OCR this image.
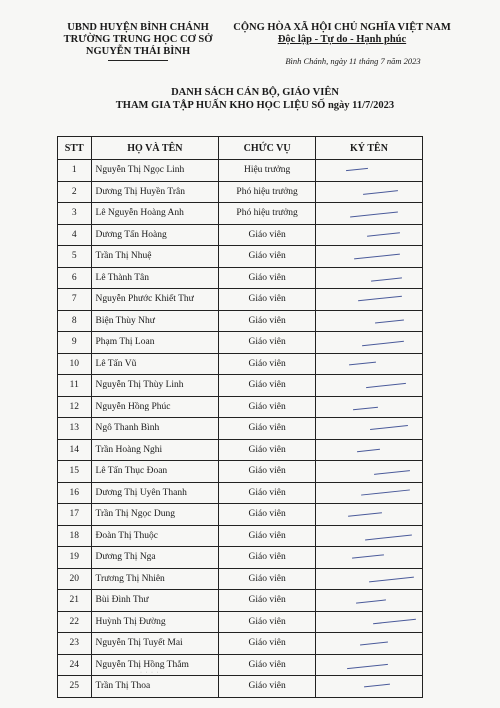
UBND HUYỆN BÌNH CHÁNH
TRƯỜNG TRUNG HỌC CƠ SỞ
NGUYỄN THÁI BÌNH
CỘNG HÒA XÃ HỘI CHỦ NGHĨA VIỆT NAM
Độc lập - Tự do - Hạnh phúc
Bình Chánh, ngày 11 tháng 7 năm 2023
DANH SÁCH CÁN BỘ, GIÁO VIÊN
THAM GIA TẬP HUẤN KHO HỌC LIỆU SỐ ngày 11/7/2023
STT	HỌ VÀ TÊN	CHỨC VỤ	KÝ TÊN
1	Nguyễn Thị Ngọc Linh	Hiệu trưởng	

2	Dương Thị Huyền Trân	Phó hiệu trưởng	

3	Lê Nguyễn Hoàng Anh	Phó hiệu trưởng	

4	Dương Tấn Hoàng	Giáo viên	

5	Trần Thị Nhuệ	Giáo viên	

6	Lê Thành Tân	Giáo viên	

7	Nguyễn Phước Khiết Thư	Giáo viên	

8	Biện Thùy Như	Giáo viên	

9	Phạm Thị Loan	Giáo viên	

10	Lê Tấn Vũ	Giáo viên	

11	Nguyễn Thị Thùy Linh	Giáo viên	

12	Nguyễn Hồng Phúc	Giáo viên	

13	Ngô Thanh Bình	Giáo viên	

14	Trần Hoàng Nghi	Giáo viên	

15	Lê Tấn Thục Đoan	Giáo viên	

16	Dương Thị Uyên Thanh	Giáo viên	

17	Trần Thị Ngọc Dung	Giáo viên	

18	Đoàn Thị Thuộc	Giáo viên	

19	Dương Thị Nga	Giáo viên	

20	Trương Thị Nhiên	Giáo viên	

21	Bùi Đình Thư	Giáo viên	

22	Huỳnh Thị Đường	Giáo viên	

23	Nguyễn Thị Tuyết Mai	Giáo viên	

24	Nguyễn Thị Hồng Thắm	Giáo viên	

25	Trần Thị Thoa	Giáo viên	
· · · ·
